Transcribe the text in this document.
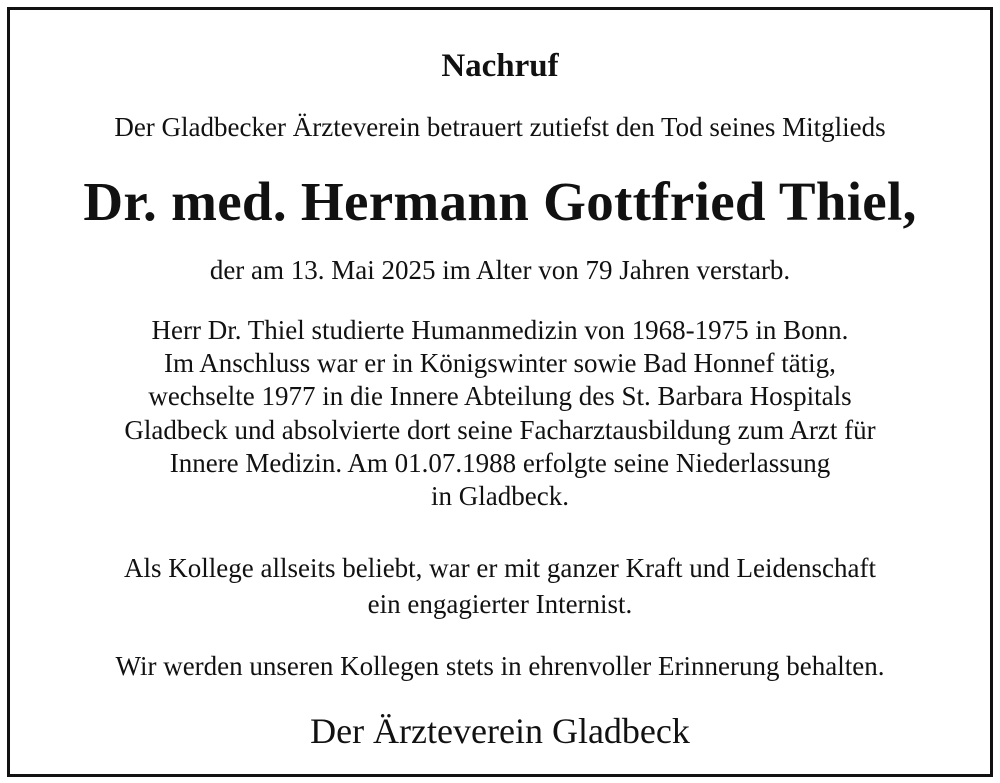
Nachruf
Der Gladbecker Ärzteverein betrauert zutiefst den Tod seines Mitglieds
Dr. med. Hermann Gottfried Thiel,
der am 13. Mai 2025 im Alter von 79 Jahren verstarb.
Herr Dr. Thiel studierte Humanmedizin von 1968-1975 in Bonn.
Im Anschluss war er in Königswinter sowie Bad Honnef tätig,
wechselte 1977 in die Innere Abteilung des St. Barbara Hospitals
Gladbeck und absolvierte dort seine Facharztausbildung zum Arzt für
Innere Medizin. Am 01.07.1988 erfolgte seine Niederlassung
in Gladbeck.
Als Kollege allseits beliebt, war er mit ganzer Kraft und Leidenschaft
ein engagierter Internist.
Wir werden unseren Kollegen stets in ehrenvoller Erinnerung behalten.
Der Ärzteverein Gladbeck
